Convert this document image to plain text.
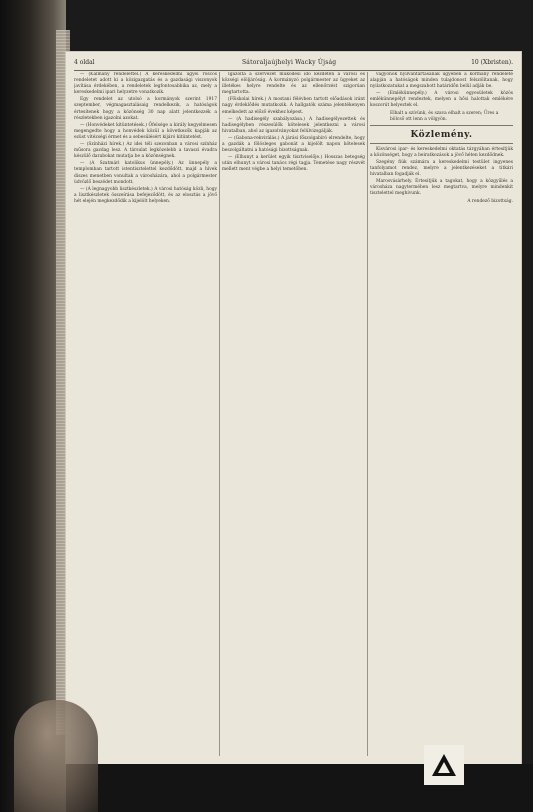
4 oldal	Sátoraljaújhelyi Wacky Újság	10 (Xbristen).

— (Kalmany rendelettel.) A kereskedelmi ügyei roscos rendeletet adott ki a közigazgatás és a gazdasági viszonyok javítása érdekében, a rendeletek legfontosabbika az, mely a kereskedelmi ipari helyzetre vonatkozik.

Egy rendelet az utolsó a kormányok szerint 1917 szeptember, végmagasztalásaig rendelkezik, a hatóságok értesítenek hogy a közönség 30 nap alatt jelentkezzék a részletekben igazolni azokat.

— (Honvédeket kitüntetések.) Őfelsége a király kegyelmesen megengedte hogy a honvédek közül a következők kapják az ezüst vitézségi érmet és a sebesülésért kijáró kitüntetést.

— (Színházi hírek.) Az idei téli szezonban a városi színház műsora gazdag lesz. A társulat legközelebb a tavaszi évadra készülő darabokat mutatja be a közönségnek.

— (A Szatmári katolikus ünnepély.) Az ünnepély a templomban tartott istentisztelettel kezdődött, majd a hívek díszes menetben vonultak a városházára, ahol a polgármester üdvözlő beszédet mondott.

— (A legnagyobb lisztkészletek.) A városi hatóság közli, hogy a lisztkészletek összeírása befejeződött, és az elosztás a jövő hét elején megkezdődik a kijelölt helyeken.

Igazolta a szervezet működési idő kezdetén a városi és községi elöljáróság. A kormányzó polgármester az ügyeket az illetékes helyre rendelte és az ellenőrzést szigorúan megtartotta.

(Főiskolai hírek.) A mostani félévben tartott előadások iránt nagy érdeklődés mutatkozik. A hallgatók száma jelentékenyen emelkedett az előző évekhez képest.

— (A hadisegély szabályozása.) A hadisegélyezettek és hadisegélyben részesülők kötelesek jelentkezni a városi hivatalban, ahol az igazolványokat felülvizsgálják.

— (Gabona-rekvirálás.) A járási főszolgabíró elrendelte, hogy a gazdák a fölösleges gabonát a kijelölt napon kötelesek beszolgáltatni a hatósági bizottságnak.

— (Elhunyt a kerület egyik tisztviselője.) Hosszas betegség után elhunyt a városi tanács régi tagja. Temetése nagy részvét mellett ment végbe a helyi temetőben.

vagyonok nyilvántartásának ügyében a kormány rendelete alapján a hatóságok minden tulajdonost felszólítanak, hogy nyilatkozatukat a megszabott határidőn belül adják be.

— (Emlékünnepély.) A városi egyesületek közös emlékünnepélyt rendeztek, melyen a hősi halottak emlékére koszorút helyeztek el.

Elhalt a szívünk, és szava elhalt a szeren; Üres a bölcső ott lenn a völgyön.

Közlemény.

Kisvárosi ipar- és kereskedelmi oktatás tárgyában értesítjük a közönséget, hogy a beiratkozások a jövő héten kezdődnek.

Szegény fiúk számára a kereskedelmi testület ingyenes tanfolyamot rendez, melyre a jelentkezéseket a titkári hivatalban fogadják el.

Marosvásárhely. Értesítjük a tagokat, hogy a közgyűlés a városháza nagytermében lesz megtartva, melyre mindenkit tisztelettel meghívunk.

A rendező bizottság.
